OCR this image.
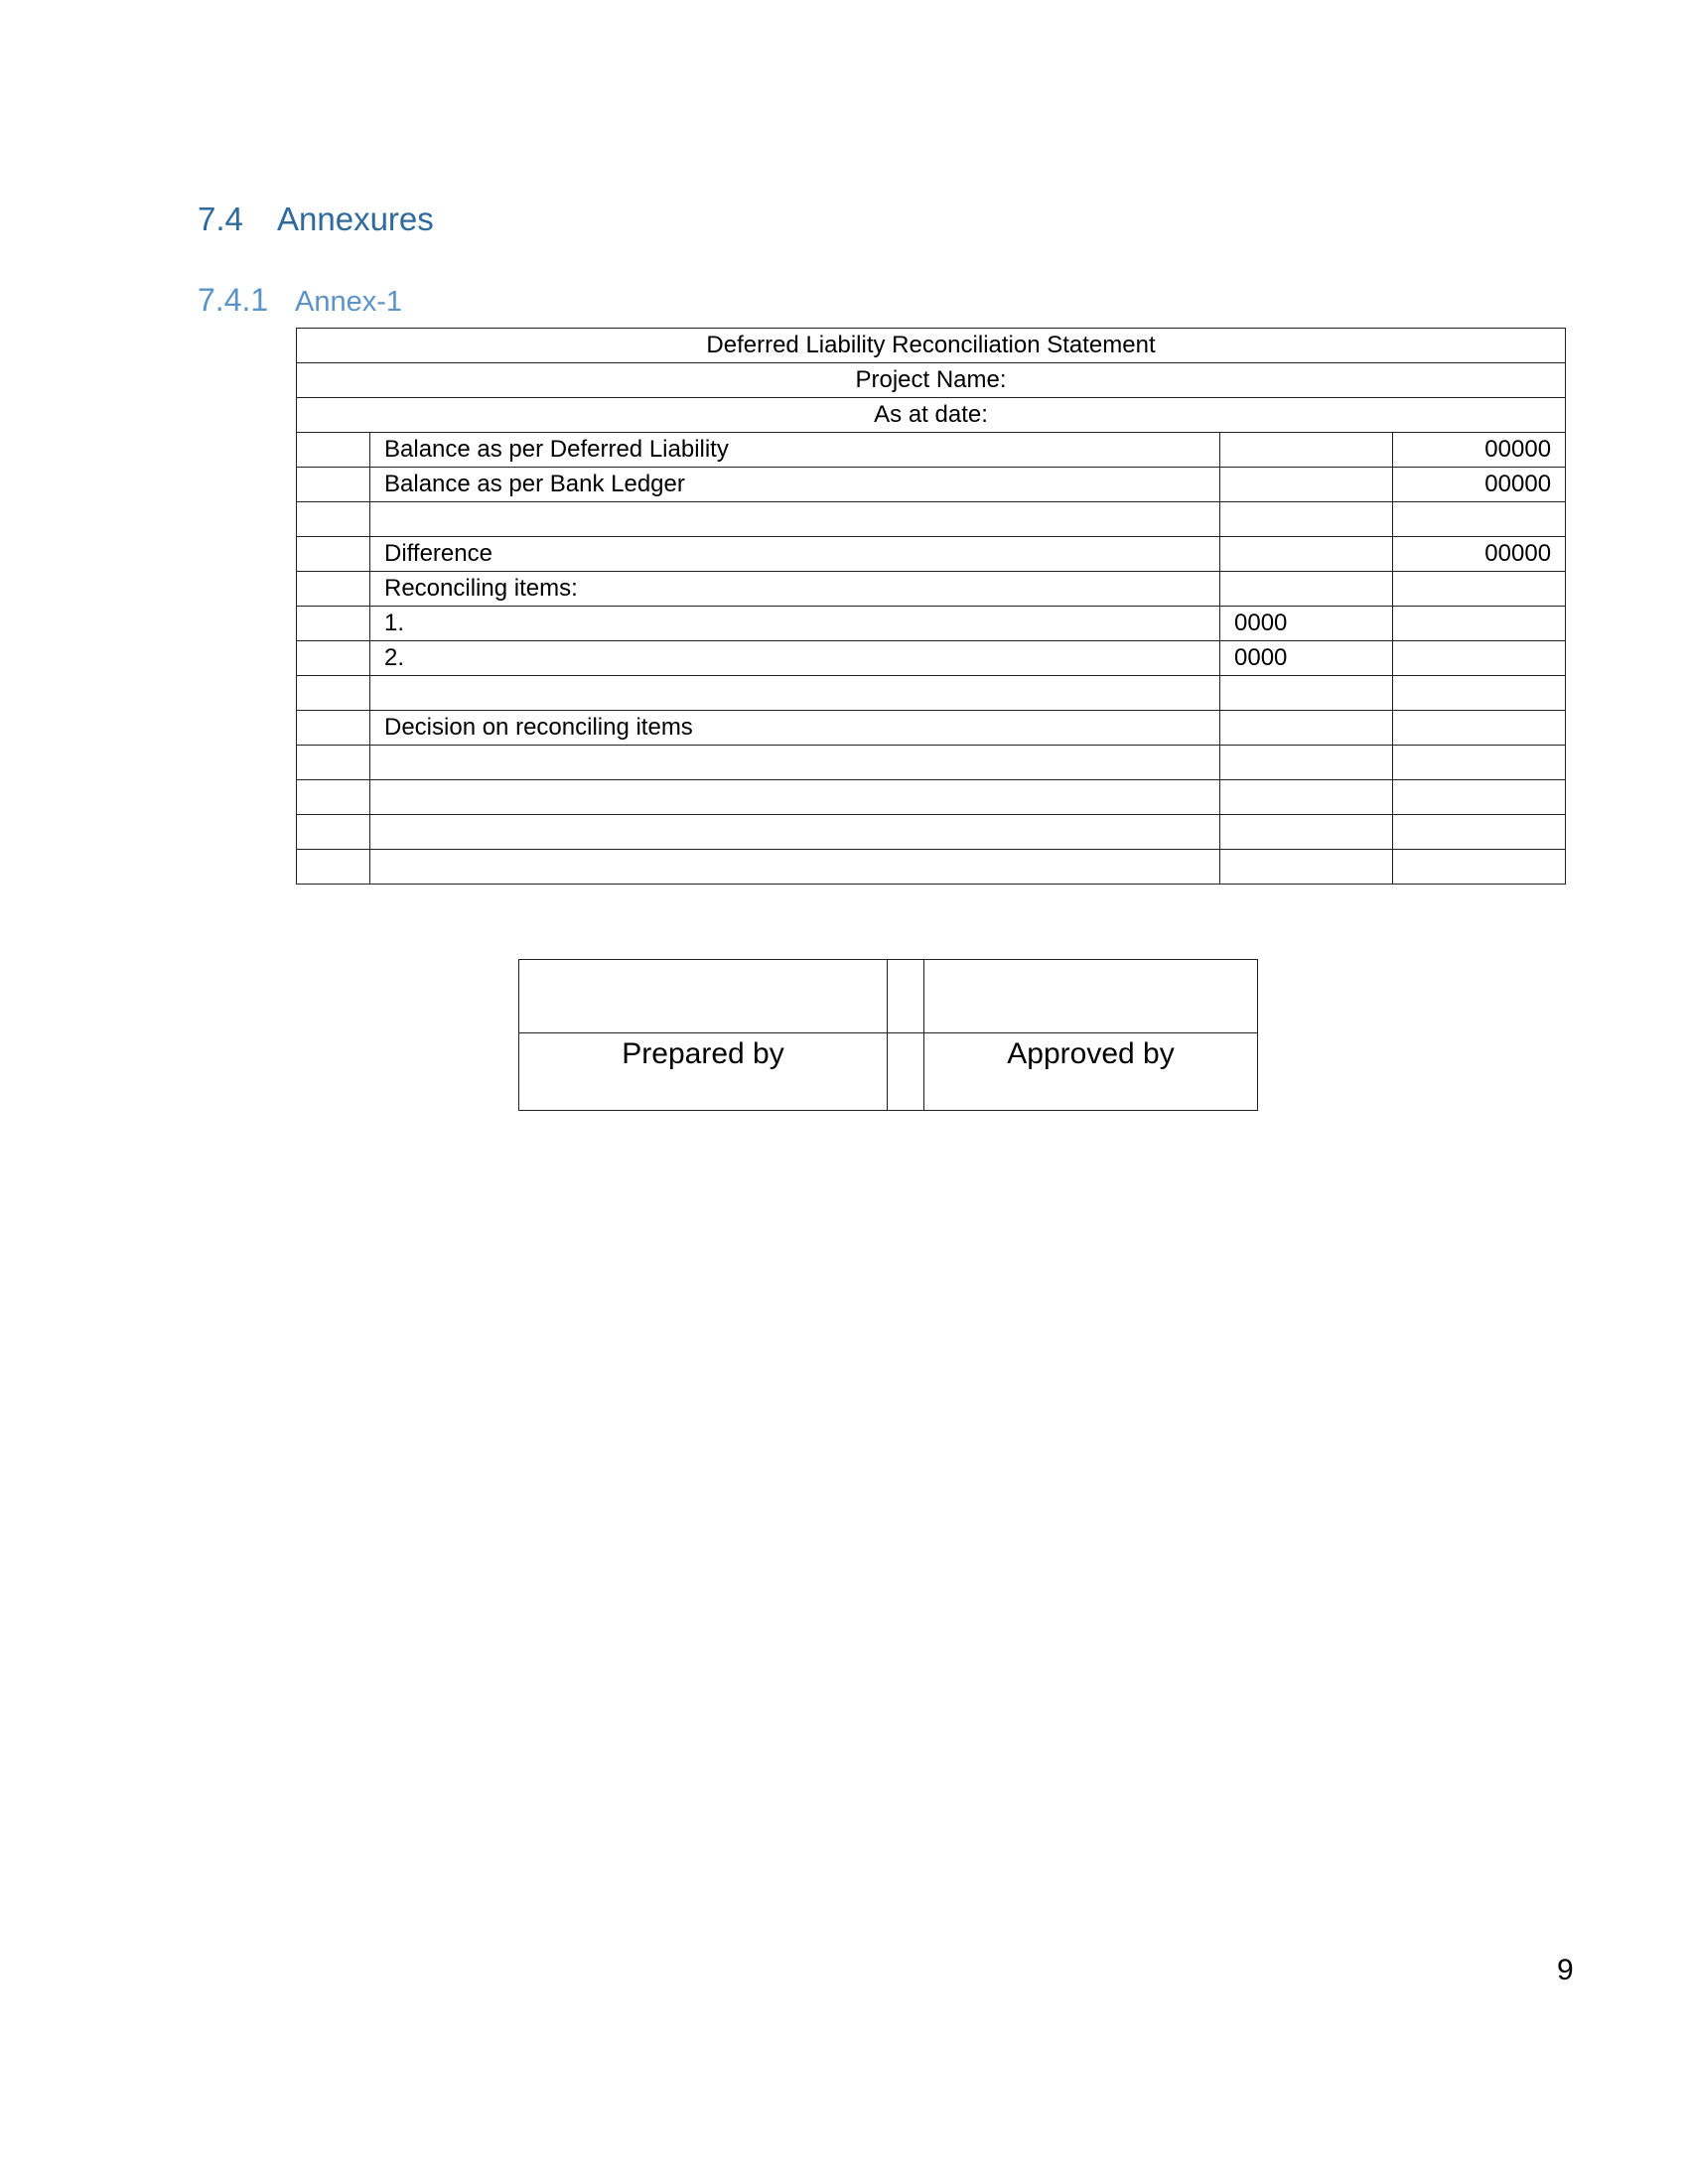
7.4 Annexures
7.4.1 Annex-1
Deferred Liability Reconciliation Statement			
Project Name:			
As at date:			
	Balance as per Deferred Liability		00000
	Balance as per Bank Ledger		00000

	Difference		00000
	Reconciling items:		
	1.	0000	
	2.	0000	

	Decision on reconciling items		

Prepared by		Approved by
9
